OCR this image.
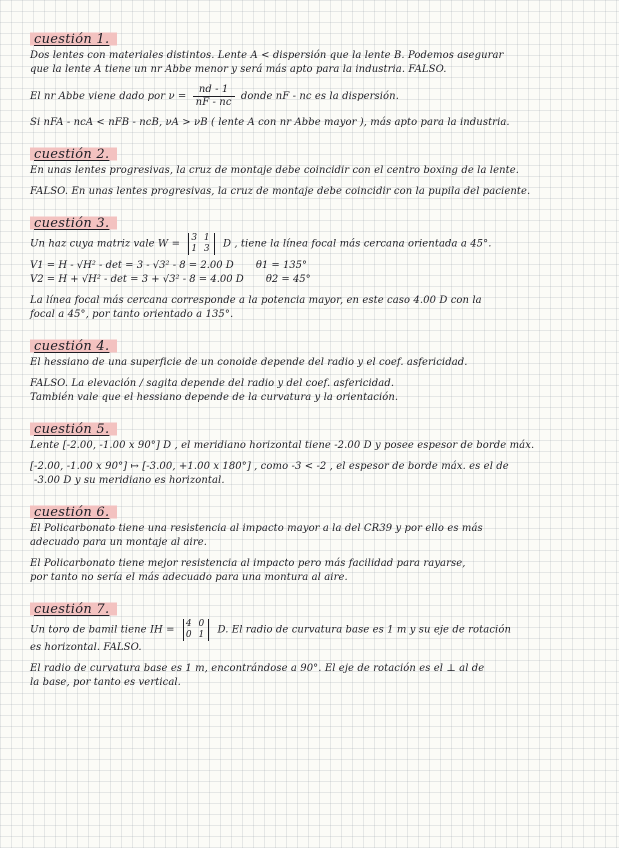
cuestión 1.
Dos lentes con materiales distintos. Lente A < dispersión que la lente B. Podemos asegurar
que la lente A tiene un nr Abbe menor y será más apto para la industria. FALSO.
El nr Abbe viene dado por $\nu = \frac{nd - 1}{nF - nc}$ donde nF - nc es la dispersión.
Si nFA - ncA < nFB - ncB, νA > νB ( lente A con nr Abbe mayor ), más apto para la industria.
cuestión 2.
En unas lentes progresivas, la cruz de montaje debe coincidir con el centro boxing de la lente.
FALSO. En unas lentes progresivas, la cruz de montaje debe coincidir con la pupila del paciente.
cuestión 3.
Un haz cuya matriz vale W =
3 1
1 3 D , tiene la línea focal más cercana orientada a 45°.
V1 = H - √H² - det = 3 - √3² - 8 = 2.00 D θ1 = 135°
V2 = H + √H² - det = 3 + √3² - 8 = 4.00 D θ2 = 45°
La línea focal más cercana corresponde a la potencia mayor, en este caso 4.00 D con la
focal a 45°, por tanto orientado a 135°.
cuestión 4.
El hessiano de una superficie de un conoide depende del radio y el coef. asfericidad.
FALSO. La elevación / sagita depende del radio y del coef. asfericidad.
También vale que el hessiano depende de la curvatura y la orientación.
cuestión 5.
Lente [-2.00, -1.00 x 90°] D , el meridiano horizontal tiene -2.00 D y posee espesor de borde máx.
[-2.00, -1.00 x 90°] ↦ [-3.00, +1.00 x 180°] , como -3 < -2 , el espesor de borde máx. es el de
-3.00 D y su meridiano es horizontal.
cuestión 6.
El Policarbonato tiene una resistencia al impacto mayor a la del CR39 y por ello es más
adecuado para un montaje al aire.
El Policarbonato tiene mejor resistencia al impacto pero más facilidad para rayarse,
por tanto no sería el más adecuado para una montura al aire.
cuestión 7.
Un toro de bamil tiene IH =
4 0
0 1 D. El radio de curvatura base es 1 m y su eje de rotación
es horizontal. FALSO.
El radio de curvatura base es 1 m, encontrándose a 90°. El eje de rotación es el ⊥ al de
la base, por tanto es vertical.
